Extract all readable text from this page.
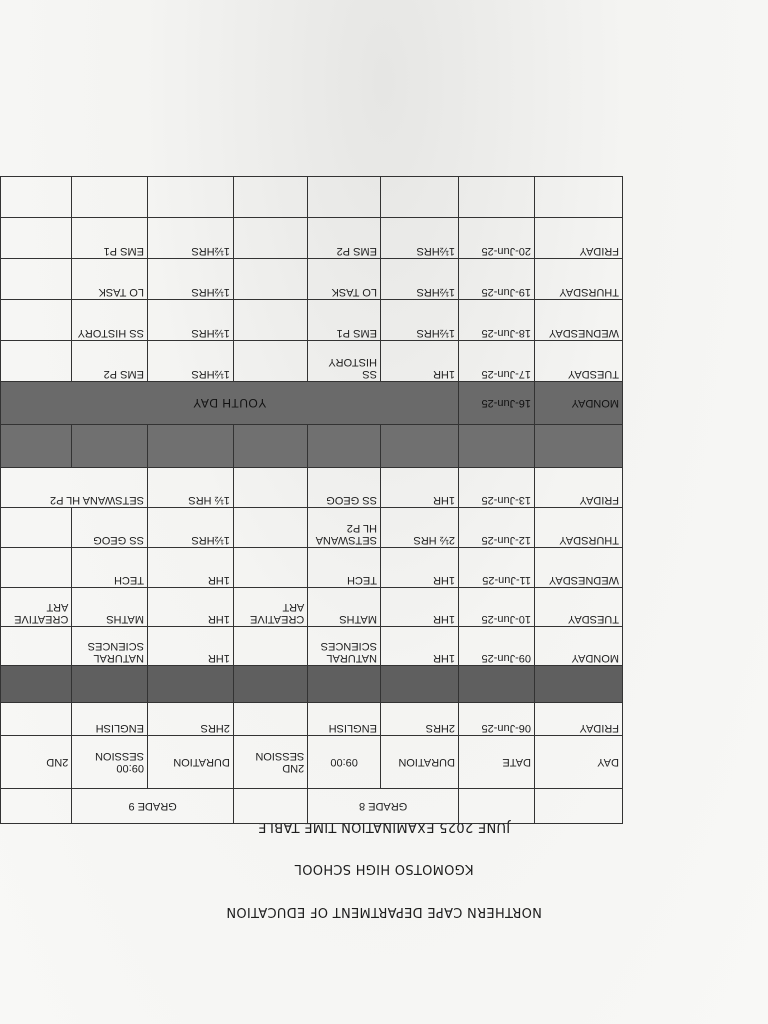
NORTHERN CAPE DEPARTMENT OF EDUCATION
KGOMOTSO HIGH SCHOOL
JUNE 2025 EXAMINATION TIME TABLE
		GRADE 8			GRADE 9		
DAY	DATE	DURATION	09:00	2ND SESSION	DURATION	09:00 SESSION	2ND
FRIDAY	06-Jun-25	2HRS	ENGLISH		2HRS	ENGLISH	

MONDAY	09-Jun-25	1HR	NATURAL SCIENCES		1HR	NATURAL SCIENCES	
TUESDAY	10-Jun-25	1HR	MATHS	CREATIVE ART	1HR	MATHS	CREATIVE ART
WEDNESDAY	11-Jun-25	1HR	TECH		1HR	TECH	
THURSDAY	12-Jun-25	2½ HRS	SETSWANA HL P2		1½HRS	SS GEOG	
FRIDAY	13-Jun-25	1HR	SS GEOG		1½ HRS	SETSWANA HL P2	

MONDAY	16-Jun-25	YOUTH DAY					
TUESDAY	17-Jun-25	1HR	SS HISTORY		1½HRS	EMS P2	
WEDNESDAY	18-Jun-25	1½HRS	EMS P1		1½HRS	SS HISTORY	
THURSDAY	19-Jun-25	1½HRS	LO TASK		1½HRS	LO TASK	
FRIDAY	20-Jun-25	1½HRS	EMS P2		1½HRS	EMS P1	
